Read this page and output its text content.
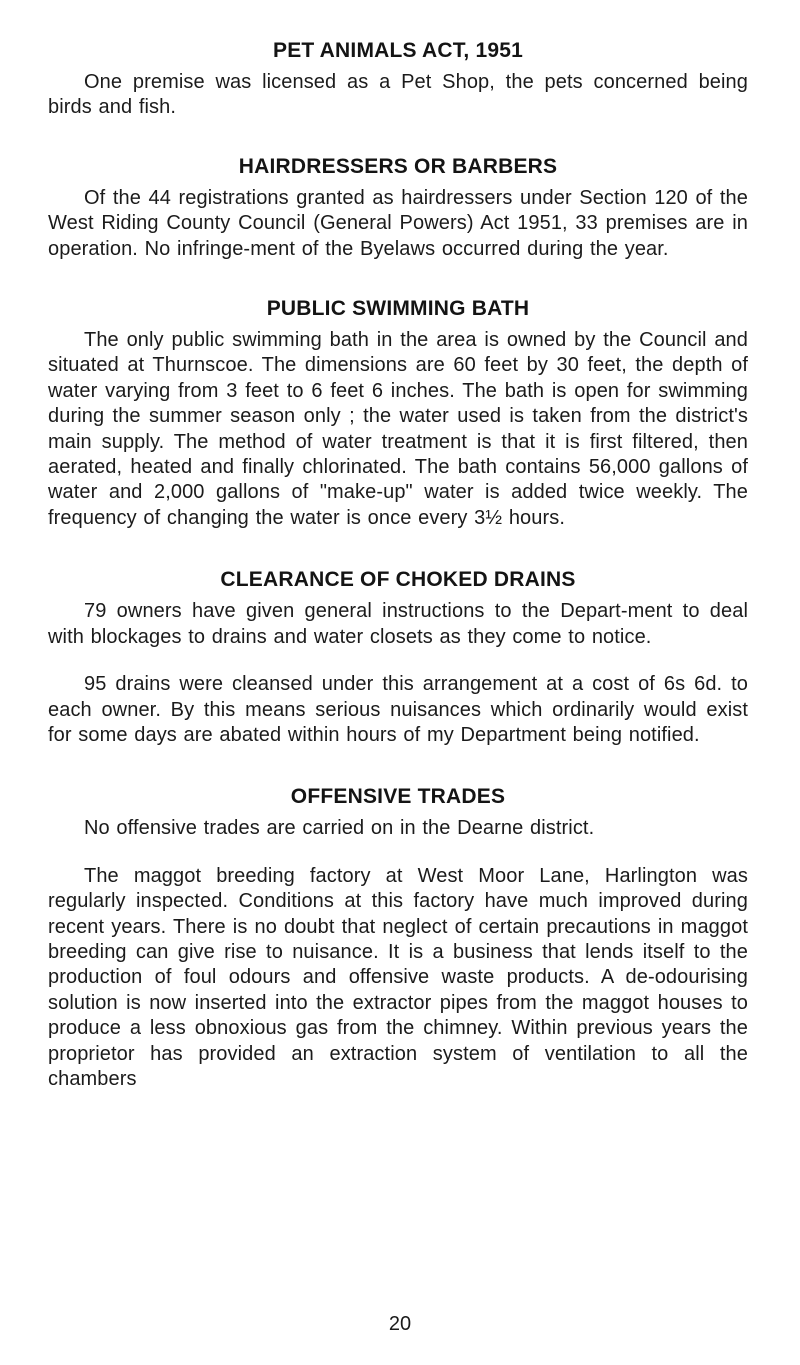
PET ANIMALS ACT, 1951

One premise was licensed as a Pet Shop, the pets concerned being birds and fish.

HAIRDRESSERS OR BARBERS

Of the 44 registrations granted as hairdressers under Section 120 of the West Riding County Council (General Powers) Act 1951, 33 premises are in operation. No infringe-ment of the Byelaws occurred during the year.

PUBLIC SWIMMING BATH

The only public swimming bath in the area is owned by the Council and situated at Thurnscoe. The dimensions are 60 feet by 30 feet, the depth of water varying from 3 feet to 6 feet 6 inches. The bath is open for swimming during the summer season only ; the water used is taken from the district's main supply. The method of water treatment is that it is first filtered, then aerated, heated and finally chlorinated. The bath contains 56,000 gallons of water and 2,000 gallons of "make-up" water is added twice weekly. The frequency of changing the water is once every 3½ hours.

CLEARANCE OF CHOKED DRAINS

79 owners have given general instructions to the Depart-ment to deal with blockages to drains and water closets as they come to notice.

95 drains were cleansed under this arrangement at a cost of 6s 6d. to each owner. By this means serious nuisances which ordinarily would exist for some days are abated within hours of my Department being notified.

OFFENSIVE TRADES

No offensive trades are carried on in the Dearne district.

The maggot breeding factory at West Moor Lane, Harlington was regularly inspected. Conditions at this factory have much improved during recent years. There is no doubt that neglect of certain precautions in maggot breeding can give rise to nuisance. It is a business that lends itself to the production of foul odours and offensive waste products. A de-odourising solution is now inserted into the extractor pipes from the maggot houses to produce a less obnoxious gas from the chimney. Within previous years the proprietor has provided an extraction system of ventilation to all the chambers

20
